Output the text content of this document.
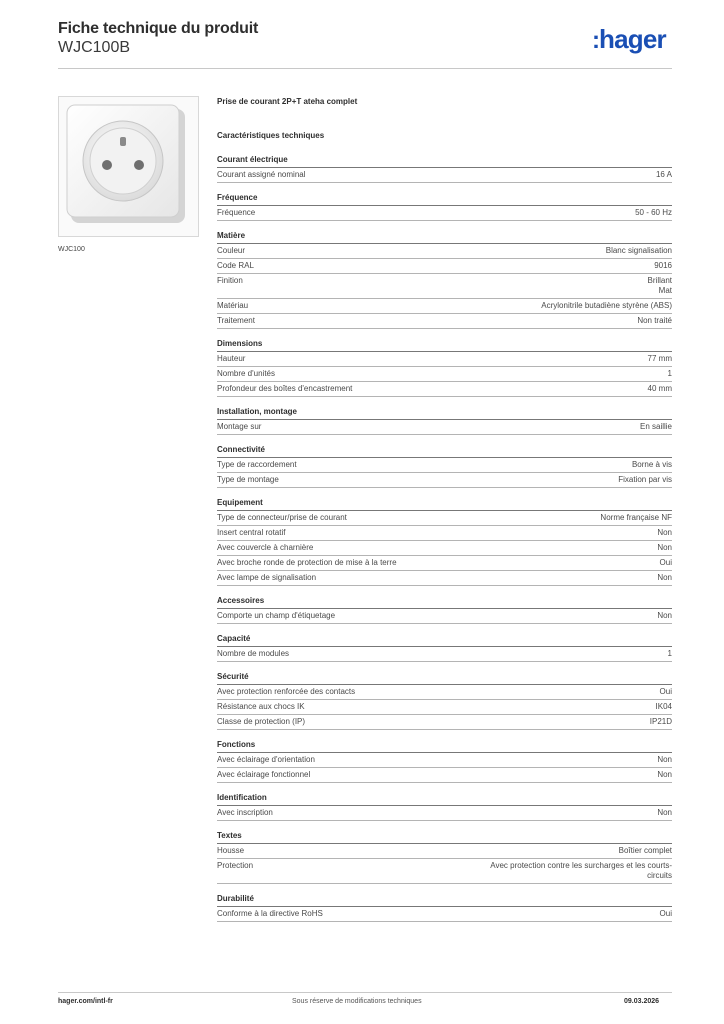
Fiche technique du produit
WJC100B	:hager
WJC100
Prise de courant 2P+T ateha complet
Caractéristiques techniques
Courant électrique
Courant assigné nominal	16 A
Fréquence
Fréquence	50 - 60 Hz
Matière
Couleur	Blanc signalisation
Code RAL	9016
Finition	Brillant
Mat
Matériau	Acrylonitrile butadiène styrène (ABS)
Traitement	Non traité
Dimensions
Hauteur	77 mm
Nombre d'unités	1
Profondeur des boîtes d'encastrement	40 mm
Installation, montage
Montage sur	En saillie
Connectivité
Type de raccordement	Borne à vis
Type de montage	Fixation par vis
Equipement
Type de connecteur/prise de courant	Norme française NF
Insert central rotatif	Non
Avec couvercle à charnière	Non
Avec broche ronde de protection de mise à la terre	Oui
Avec lampe de signalisation	Non
Accessoires
Comporte un champ d'étiquetage	Non
Capacité
Nombre de modules	1
Sécurité
Avec protection renforcée des contacts	Oui
Résistance aux chocs IK	IK04
Classe de protection (IP)	IP21D
Fonctions
Avec éclairage d'orientation	Non
Avec éclairage fonctionnel	Non
Identification
Avec inscription	Non
Textes
Housse	Boîtier complet
Protection	Avec protection contre les surcharges et les courts-
circuits
Durabilité
Conforme à la directive RoHS	Oui
hager.com/intl-fr	Sous réserve de modifications techniques	09.03.2026
